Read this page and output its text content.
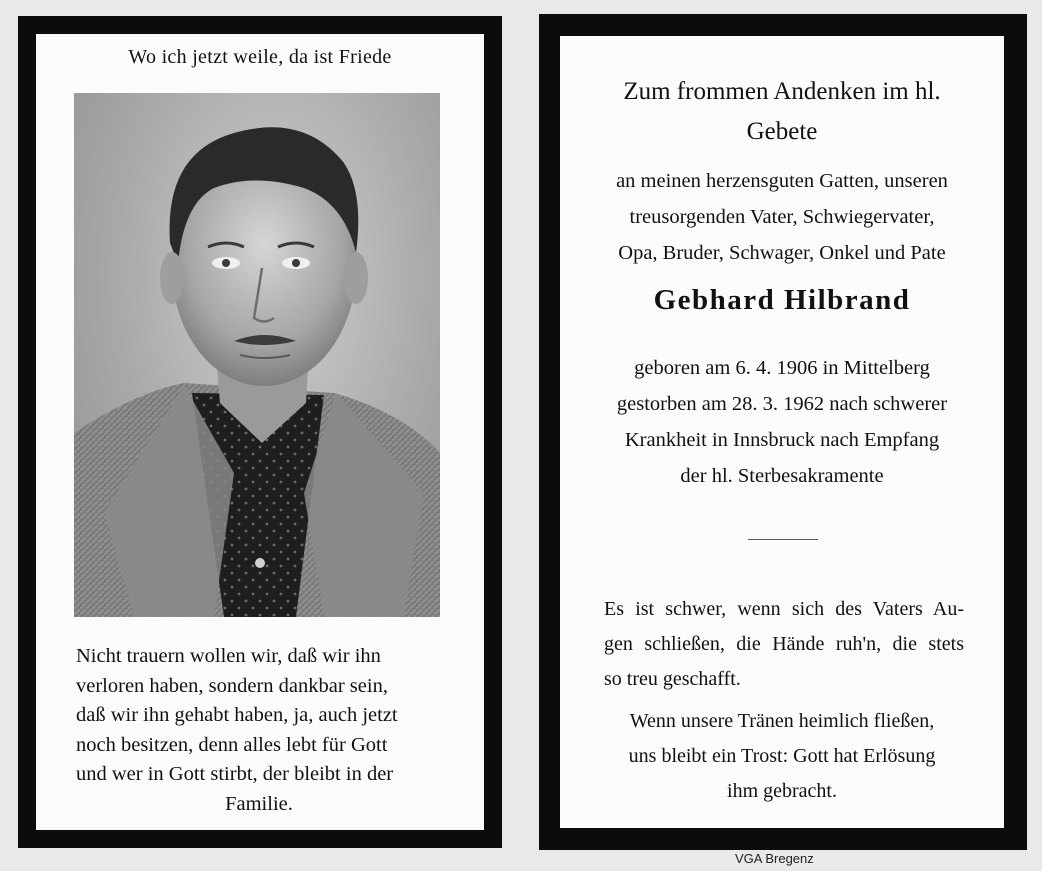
Wo ich jetzt weile, da ist Friede
Nicht trauern wollen wir, daß wir ihn
verloren haben, sondern dankbar sein,
daß wir ihn gehabt haben, ja, auch jetzt
noch besitzen, denn alles lebt für Gott
und wer in Gott stirbt, der bleibt in der
Familie.
Zum frommen Andenken im hl.
Gebete
an meinen herzensguten Gatten, unseren
treusorgenden Vater, Schwiegervater,
Opa, Bruder, Schwager, Onkel und Pate
Gebhard Hilbrand
geboren am 6. 4. 1906 in Mittelberg
gestorben am 28. 3. 1962 nach schwerer
Krankheit in Innsbruck nach Empfang
der hl. Sterbesakramente
Es ist schwer, wenn sich des Vaters Au-
gen schließen, die Hände ruh'n, die stets
so treu geschafft.
Wenn unsere Tränen heimlich fließen,
uns bleibt ein Trost: Gott hat Erlösung
ihm gebracht.
VGA Bregenz
